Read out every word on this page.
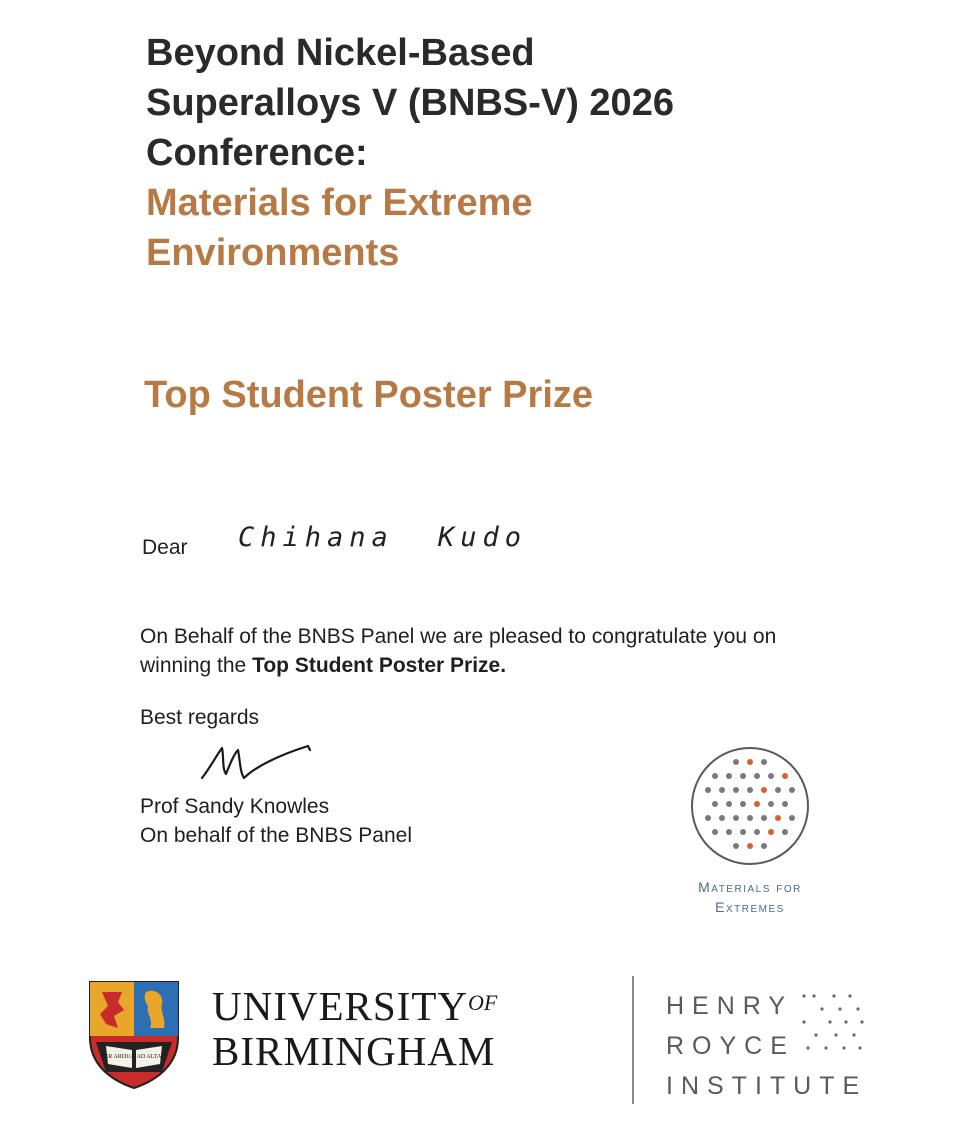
Beyond Nickel-Based
Superalloys V (BNBS-V) 2026
Conference:
Materials for Extreme
Environments
Top Student Poster Prize
Dear Chihana Kudo
On Behalf of the BNBS Panel we are pleased to congratulate you on winning the Top Student Poster Prize.
Best regards
Prof Sandy Knowles
On behalf of the BNBS Panel
Materials for
Extremes
PER ARDUA AD ALTA
$UNIVERSITY^{OF}$
BIRMINGHAM
HENRY
ROYCE
INSTITUTE
